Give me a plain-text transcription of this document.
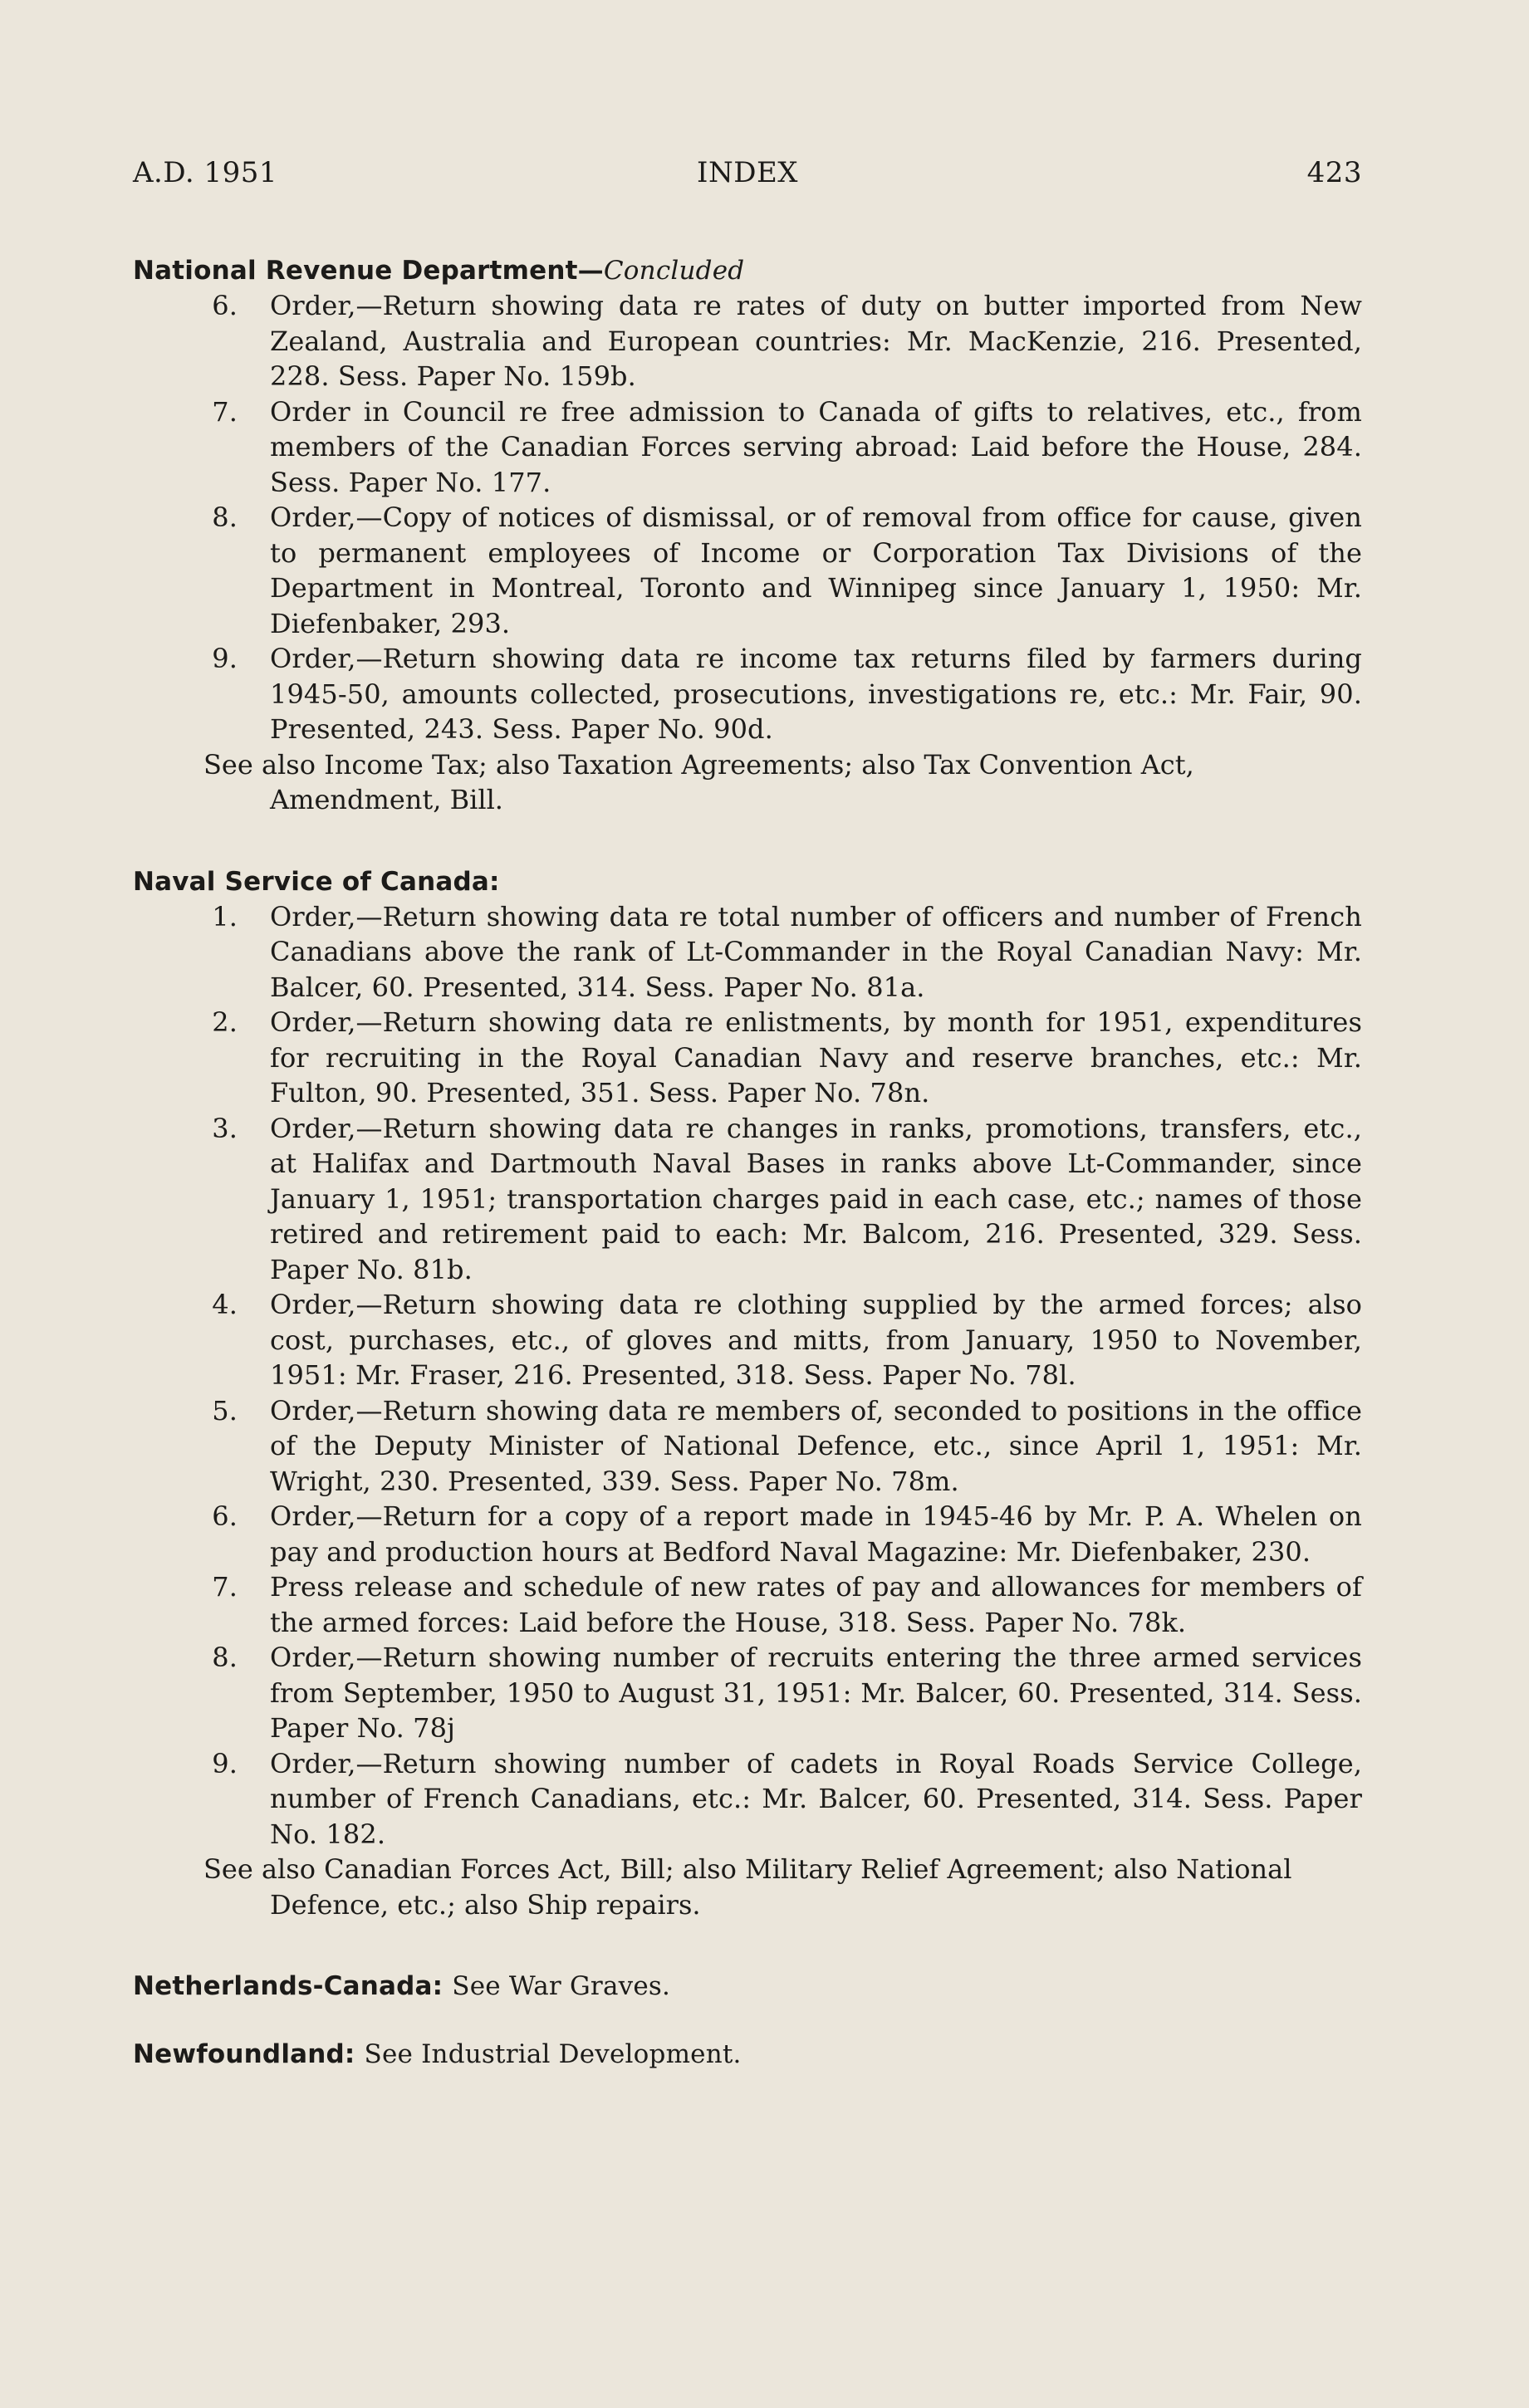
A.D. 1951	INDEX	423

National Revenue Department—Concluded

6. Order,—Return showing data re rates of duty on butter imported from New Zealand, Australia and European countries: Mr. MacKenzie, 216. Presented, 228. Sess. Paper No. 159b.

7. Order in Council re free admission to Canada of gifts to relatives, etc., from members of the Canadian Forces serving abroad: Laid before the House, 284. Sess. Paper No. 177.

8. Order,—Copy of notices of dismissal, or of removal from office for cause, given to permanent employees of Income or Corporation Tax Divisions of the Department in Montreal, Toronto and Winnipeg since January 1, 1950: Mr. Diefenbaker, 293.

9. Order,—Return showing data re income tax returns filed by farmers during 1945-50, amounts collected, prosecutions, investigations re, etc.: Mr. Fair, 90. Presented, 243. Sess. Paper No. 90d.

See also Income Tax; also Taxation Agreements; also Tax Convention Act, Amendment, Bill.

Naval Service of Canada:

1. Order,—Return showing data re total number of officers and number of French Canadians above the rank of Lt-Commander in the Royal Canadian Navy: Mr. Balcer, 60. Presented, 314. Sess. Paper No. 81a.

2. Order,—Return showing data re enlistments, by month for 1951, expenditures for recruiting in the Royal Canadian Navy and reserve branches, etc.: Mr. Fulton, 90. Presented, 351. Sess. Paper No. 78n.

3. Order,—Return showing data re changes in ranks, promotions, transfers, etc., at Halifax and Dartmouth Naval Bases in ranks above Lt-Commander, since January 1, 1951; transportation charges paid in each case, etc.; names of those retired and retirement paid to each: Mr. Balcom, 216. Presented, 329. Sess. Paper No. 81b.

4. Order,—Return showing data re clothing supplied by the armed forces; also cost, purchases, etc., of gloves and mitts, from January, 1950 to November, 1951: Mr. Fraser, 216. Presented, 318. Sess. Paper No. 78l.

5. Order,—Return showing data re members of, seconded to positions in the office of the Deputy Minister of National Defence, etc., since April 1, 1951: Mr. Wright, 230. Presented, 339. Sess. Paper No. 78m.

6. Order,—Return for a copy of a report made in 1945-46 by Mr. P. A. Whelen on pay and production hours at Bedford Naval Magazine: Mr. Diefenbaker, 230.

7. Press release and schedule of new rates of pay and allowances for members of the armed forces: Laid before the House, 318. Sess. Paper No. 78k.

8. Order,—Return showing number of recruits entering the three armed services from September, 1950 to August 31, 1951: Mr. Balcer, 60. Presented, 314. Sess. Paper No. 78j

9. Order,—Return showing number of cadets in Royal Roads Service College, number of French Canadians, etc.: Mr. Balcer, 60. Presented, 314. Sess. Paper No. 182.

See also Canadian Forces Act, Bill; also Military Relief Agreement; also National Defence, etc.; also Ship repairs.

Netherlands-Canada: See War Graves.

Newfoundland: See Industrial Development.
